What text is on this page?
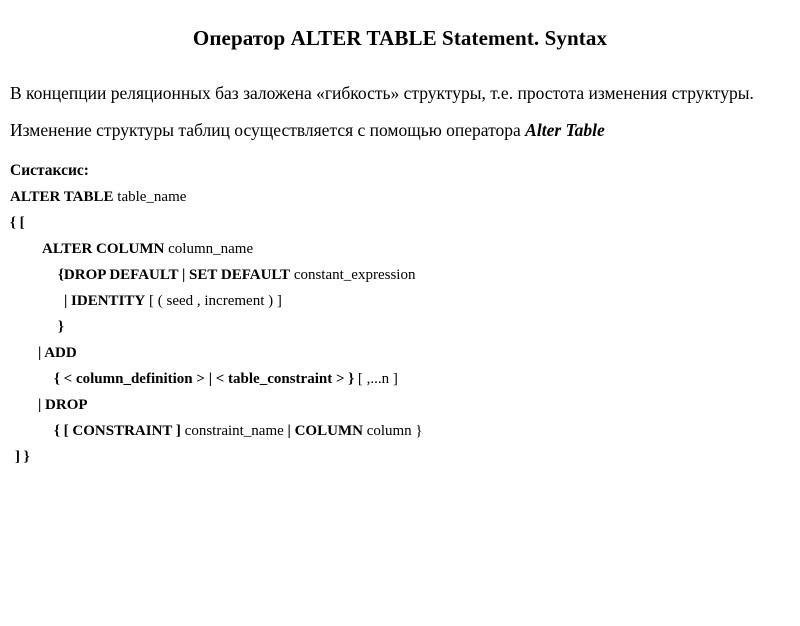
Оператор ALTER TABLE Statement. Syntax

В концепции реляционных баз заложена «гибкость» структуры, т.е. простота изменения структуры.

Изменение структуры таблиц осуществляется с помощью оператора Alter Table

Систаксис:

ALTER TABLE table_name
{ [
ALTER COLUMN column_name
{DROP DEFAULT | SET DEFAULT constant_expression
| IDENTITY [ ( seed , increment ) ]
}
| ADD
{ < column_definition > | < table_constraint > } [ ,...n ]
| DROP
{ [ CONSTRAINT ] constraint_name | COLUMN column }
] }
